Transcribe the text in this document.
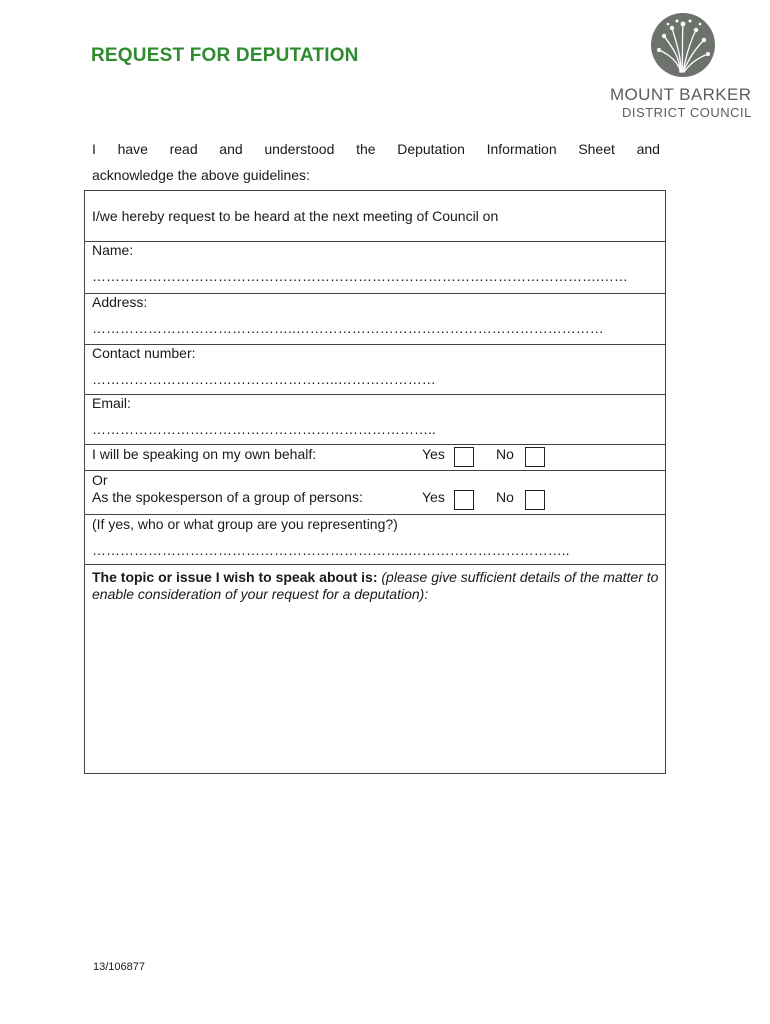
REQUEST FOR DEPUTATION
MOUNT BARKER
DISTRICT COUNCIL
I have read and understood the Deputation Information Sheet and
acknowledge the above guidelines:
I/we hereby request to be heard at the next meeting of Council on
Name:
……………………………………………………………………………………………….……
Address:
……………………………………..…………………………………………………………
Contact number:
……………………………………………..…………………
Email:
………………………………………………………………..
I will be speaking on my own behalf:	Yes	No
Or
As the spokesperson of a group of persons:	Yes	No
(If yes, who or what group are you representing?)
…………………………………………………………..……………………………..
The topic or issue I wish to speak about is: (please give sufficient details of the matter to enable consideration of your request for a deputation):
13/106877
